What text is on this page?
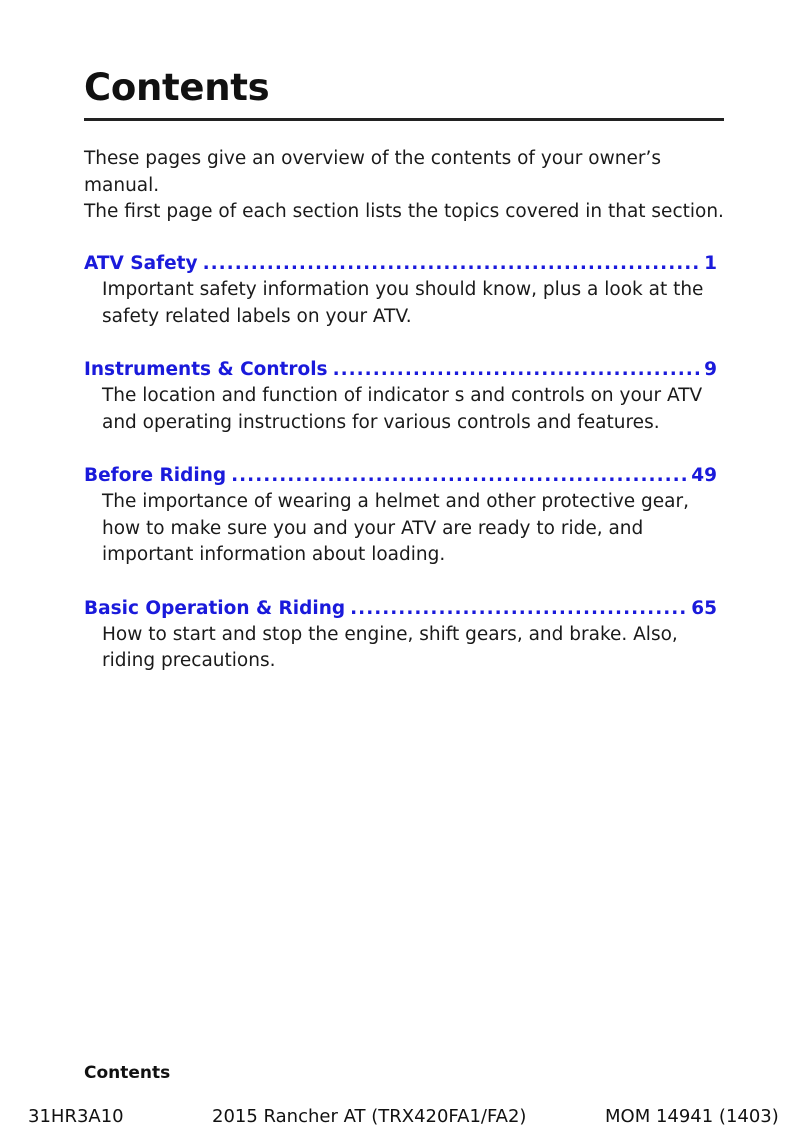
Contents

These pages give an overview of the contents of your owner’s manual.

The first page of each section lists the topics covered in that section.

ATV Safety .....	1

Important safety information you should know, plus a look at the safety related labels on your ATV.

Instruments & Controls .....	9

The location and function of indicator s and controls on your ATV and operating instructions for various controls and features.

Before Riding .....	49

The importance of wearing a helmet and other protective gear, how to make sure you and your ATV are ready to ride, and important information about loading.

Basic Operation & Riding .....	65

How to start and stop the engine, shift gears, and brake. Also, riding precautions.

Contents
31HR3A10	2015 Rancher AT (TRX420FA1/FA2)	MOM 14941 (1403)
